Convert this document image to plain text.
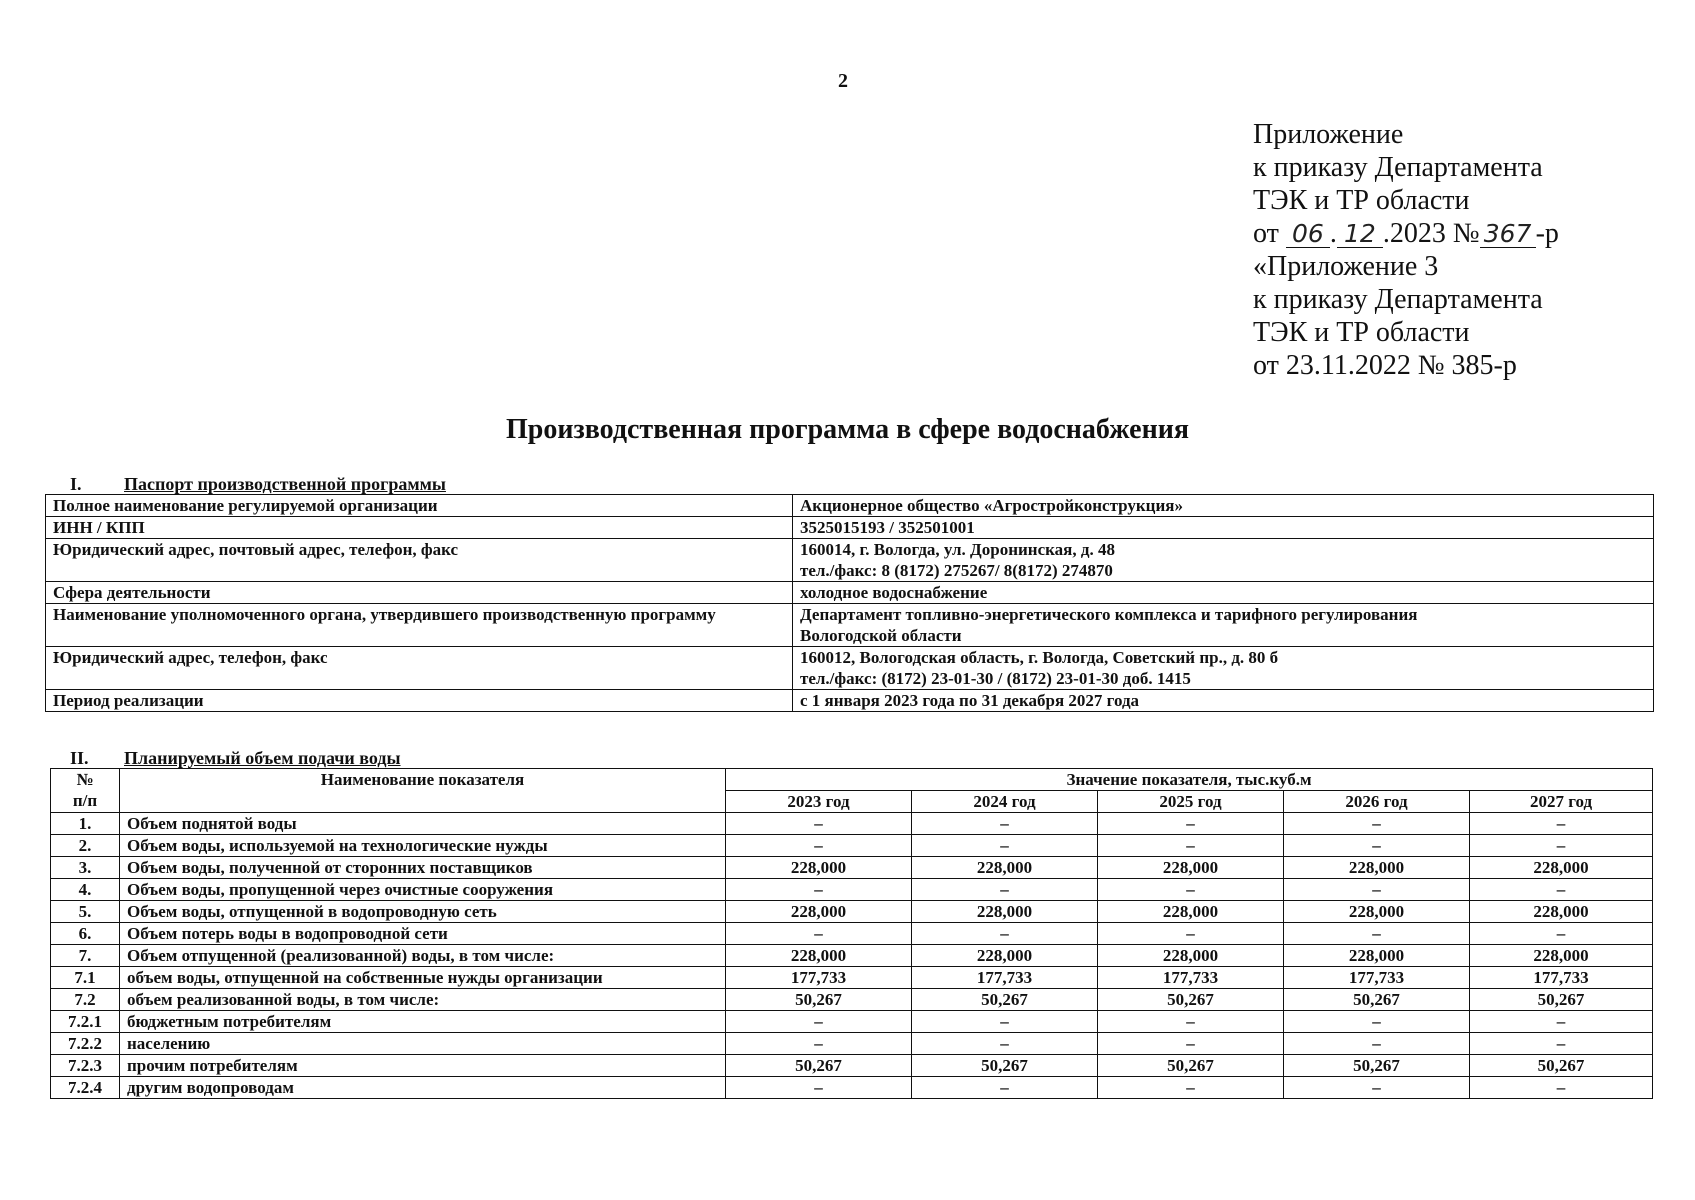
2
Приложение
к приказу Департамента
ТЭК и ТР области
от 06 . 12 .2023 № 367 -р
«Приложение 3
к приказу Департамента
ТЭК и ТР области
от 23.11.2022 № 385-р
Производственная программа в сфере водоснабжения
I. Паспорт производственной программы
Полное наименование регулируемой организации	Акционерное общество «Агростройконструкция»
ИНН / КПП	3525015193 / 352501001
Юридический адрес, почтовый адрес, телефон, факс	160014, г. Вологда, ул. Доронинская, д. 48
тел./факс: 8 (8172) 275267/ 8(8172) 274870
Сфера деятельности	холодное водоснабжение
Наименование уполномоченного органа, утвердившего производственную программу	Департамент топливно-энергетического комплекса и тарифного регулирования
Вологодской области
Юридический адрес, телефон, факс	160012, Вологодская область, г. Вологда, Советский пр., д. 80 б
тел./факс: (8172) 23-01-30 / (8172) 23-01-30 доб. 1415
Период реализации	с 1 января 2023 года по 31 декабря 2027 года
II. Планируемый объем подачи воды
№
п/п	Наименование показателя	Значение показателя, тыс.куб.м				
		2023 год	2024 год	2025 год	2026 год	2027 год
1.	Объем поднятой воды	–	–	–	–	–
2.	Объем воды, используемой на технологические нужды	–	–	–	–	–
3.	Объем воды, полученной от сторонних поставщиков	228,000	228,000	228,000	228,000	228,000
4.	Объем воды, пропущенной через очистные сооружения	–	–	–	–	–
5.	Объем воды, отпущенной в водопроводную сеть	228,000	228,000	228,000	228,000	228,000
6.	Объем потерь воды в водопроводной сети	–	–	–	–	–
7.	Объем отпущенной (реализованной) воды, в том числе:	228,000	228,000	228,000	228,000	228,000
7.1	объем воды, отпущенной на собственные нужды организации	177,733	177,733	177,733	177,733	177,733
7.2	объем реализованной воды, в том числе:	50,267	50,267	50,267	50,267	50,267
7.2.1	бюджетным потребителям	–	–	–	–	–
7.2.2	населению	–	–	–	–	–
7.2.3	прочим потребителям	50,267	50,267	50,267	50,267	50,267
7.2.4	другим водопроводам	–	–	–	–	–
